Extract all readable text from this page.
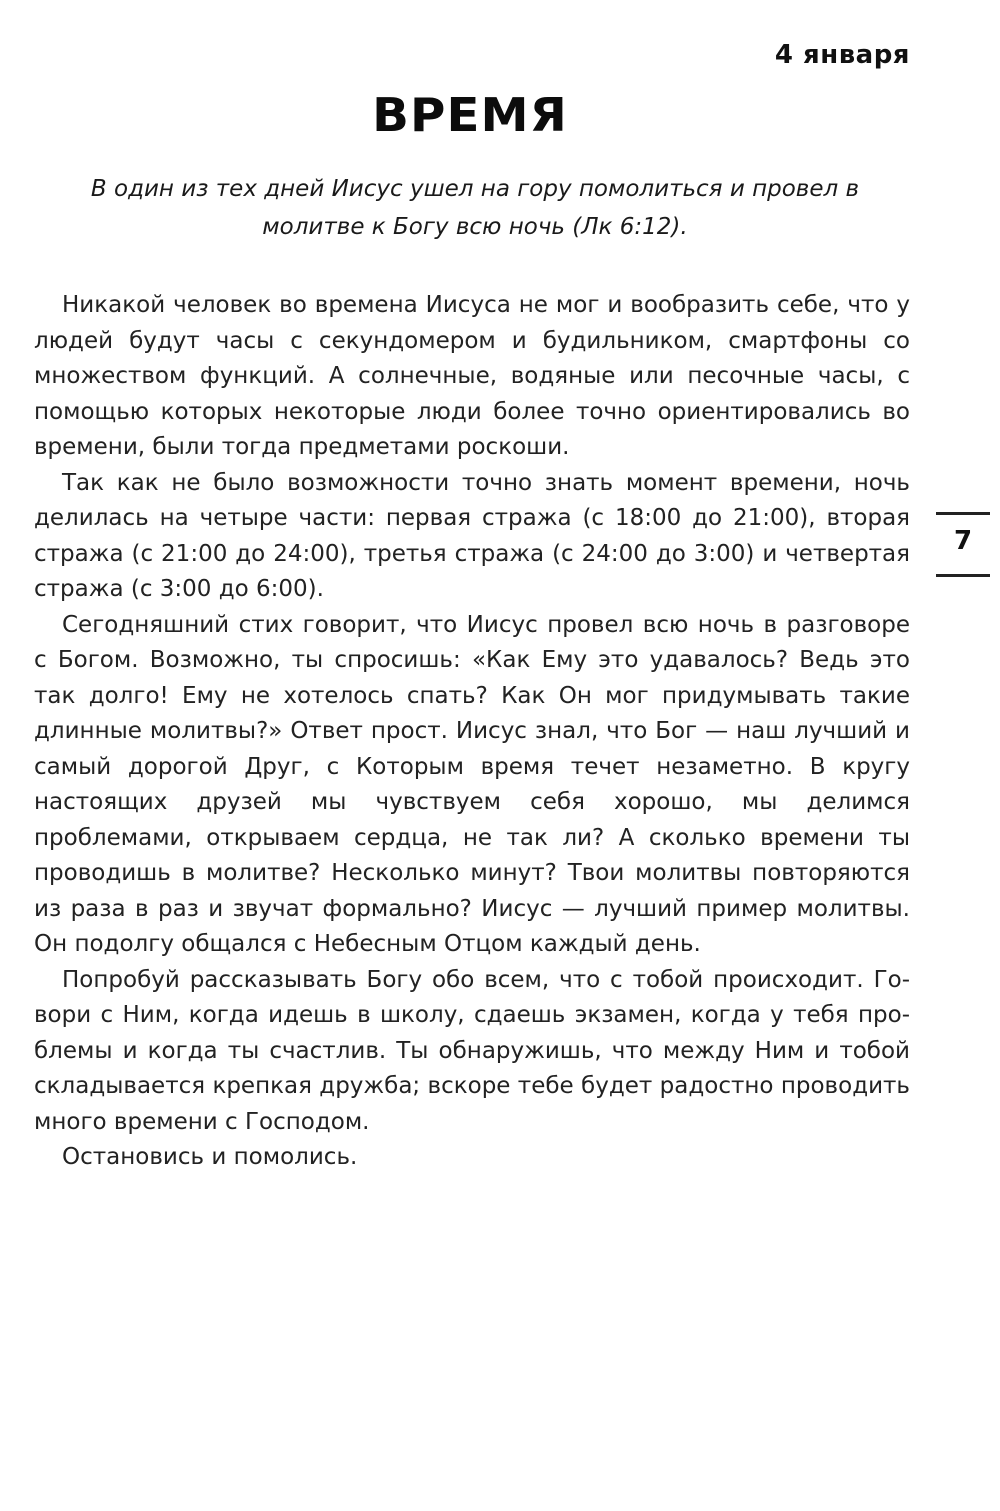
4 января
ВРЕМЯ
В один из тех дней Иисус ушел на гору помолиться и провел в молитве к Богу всю ночь (Лк 6:12).

Никакой человек во времена Иисуса не мог и вообразить себе, что у людей будут часы с секундомером и будильником, смартфоны со множеством функций. А солнечные, водяные или песочные часы, с помощью которых некоторые люди более точно ориентировались во времени, были тогда предметами роскоши.

Так как не было возможности точно знать момент времени, ночь делилась на четыре части: первая стража (с 18:00 до 21:00), вторая стража (с 21:00 до 24:00), третья стража (с 24:00 до 3:00) и четвертая стража (с 3:00 до 6:00).

Сегодняшний стих говорит, что Иисус провел всю ночь в разговоре с Богом. Возможно, ты спросишь: «Как Ему это удавалось? Ведь это так долго! Ему не хотелось спать? Как Он мог придумывать такие длинные молитвы?» Ответ прост. Иисус знал, что Бог — наш лучший и самый дорогой Друг, с Которым время течет незаметно. В кругу настоящих друзей мы чувствуем себя хорошо, мы делимся проблемами, открываем сердца, не так ли? А сколько времени ты проводишь в молитве? Несколько минут? Твои молитвы повторяются из раза в раз и звучат формально? Иисус — лучший пример молитвы. Он подолгу общался с Небесным Отцом каждый день.

Попробуй рассказывать Богу обо всем, что с тобой происходит. Говори с Ним, когда идешь в школу, сдаешь экзамен, когда у тебя проблемы и когда ты счастлив. Ты обнаружишь, что между Ним и тобой складывается крепкая дружба; вскоре тебе будет радостно проводить много времени с Господом.

Остановись и помолись.

7
